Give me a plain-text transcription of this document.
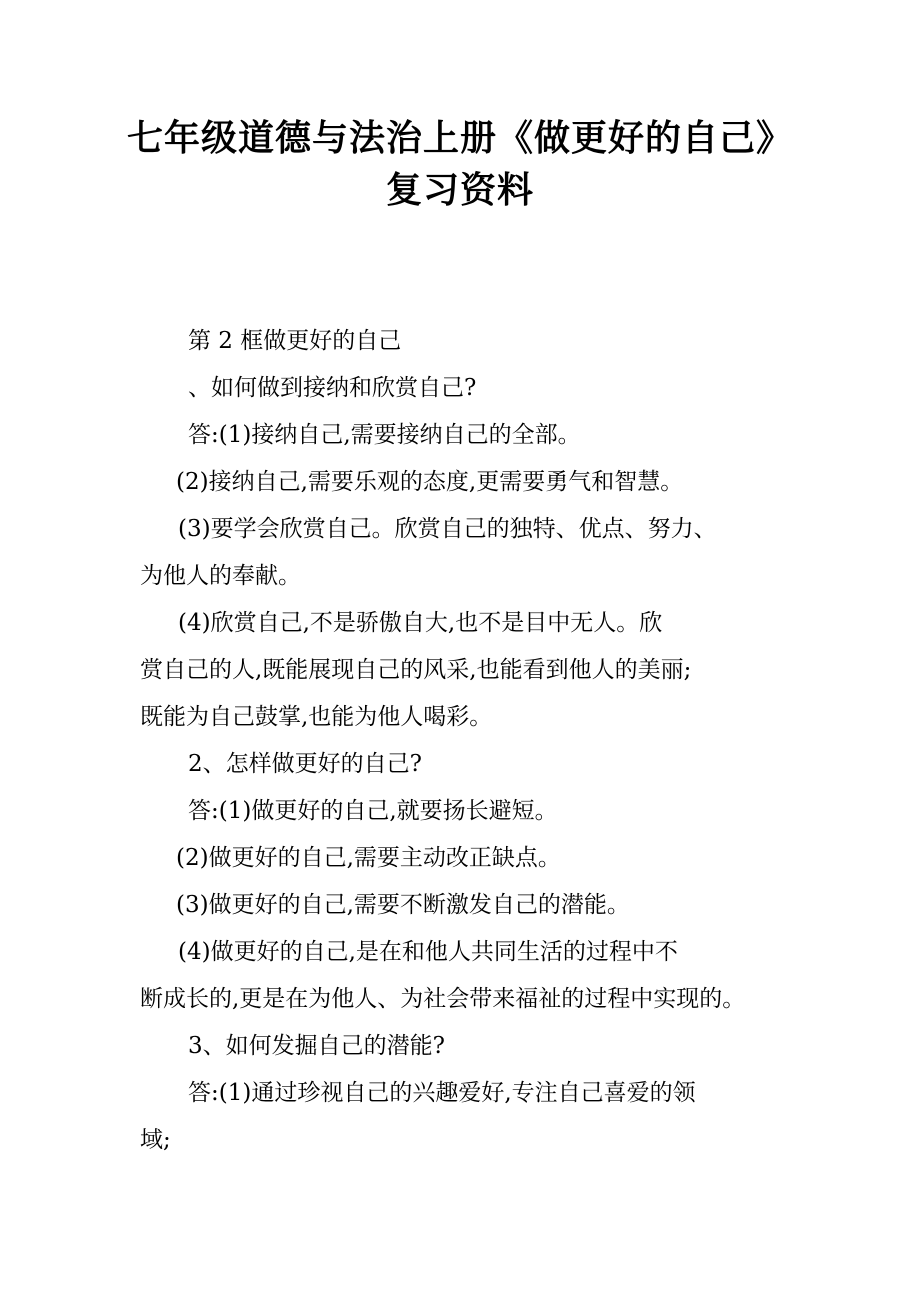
七年级道德与法治上册《做更好的自己》
复习资料

第 2 框做更好的自己

、如何做到接纳和欣赏自己?

答:(1)接纳自己,需要接纳自己的全部。

(2)接纳自己,需要乐观的态度,更需要勇气和智慧。

(3)要学会欣赏自己。欣赏自己的独特、优点、努力、
为他人的奉献。
(4)欣赏自己,不是骄傲自大,也不是目中无人。欣
赏自己的人,既能展现自己的风采,也能看到他人的美丽;
既能为自己鼓掌,也能为他人喝彩。

2、怎样做更好的自己?

答:(1)做更好的自己,就要扬长避短。

(2)做更好的自己,需要主动改正缺点。

(3)做更好的自己,需要不断激发自己的潜能。

(4)做更好的自己,是在和他人共同生活的过程中不
断成长的,更是在为他人、为社会带来福祉的过程中实现的。

3、如何发掘自己的潜能?

答:(1)通过珍视自己的兴趣爱好,专注自己喜爱的领
域;
